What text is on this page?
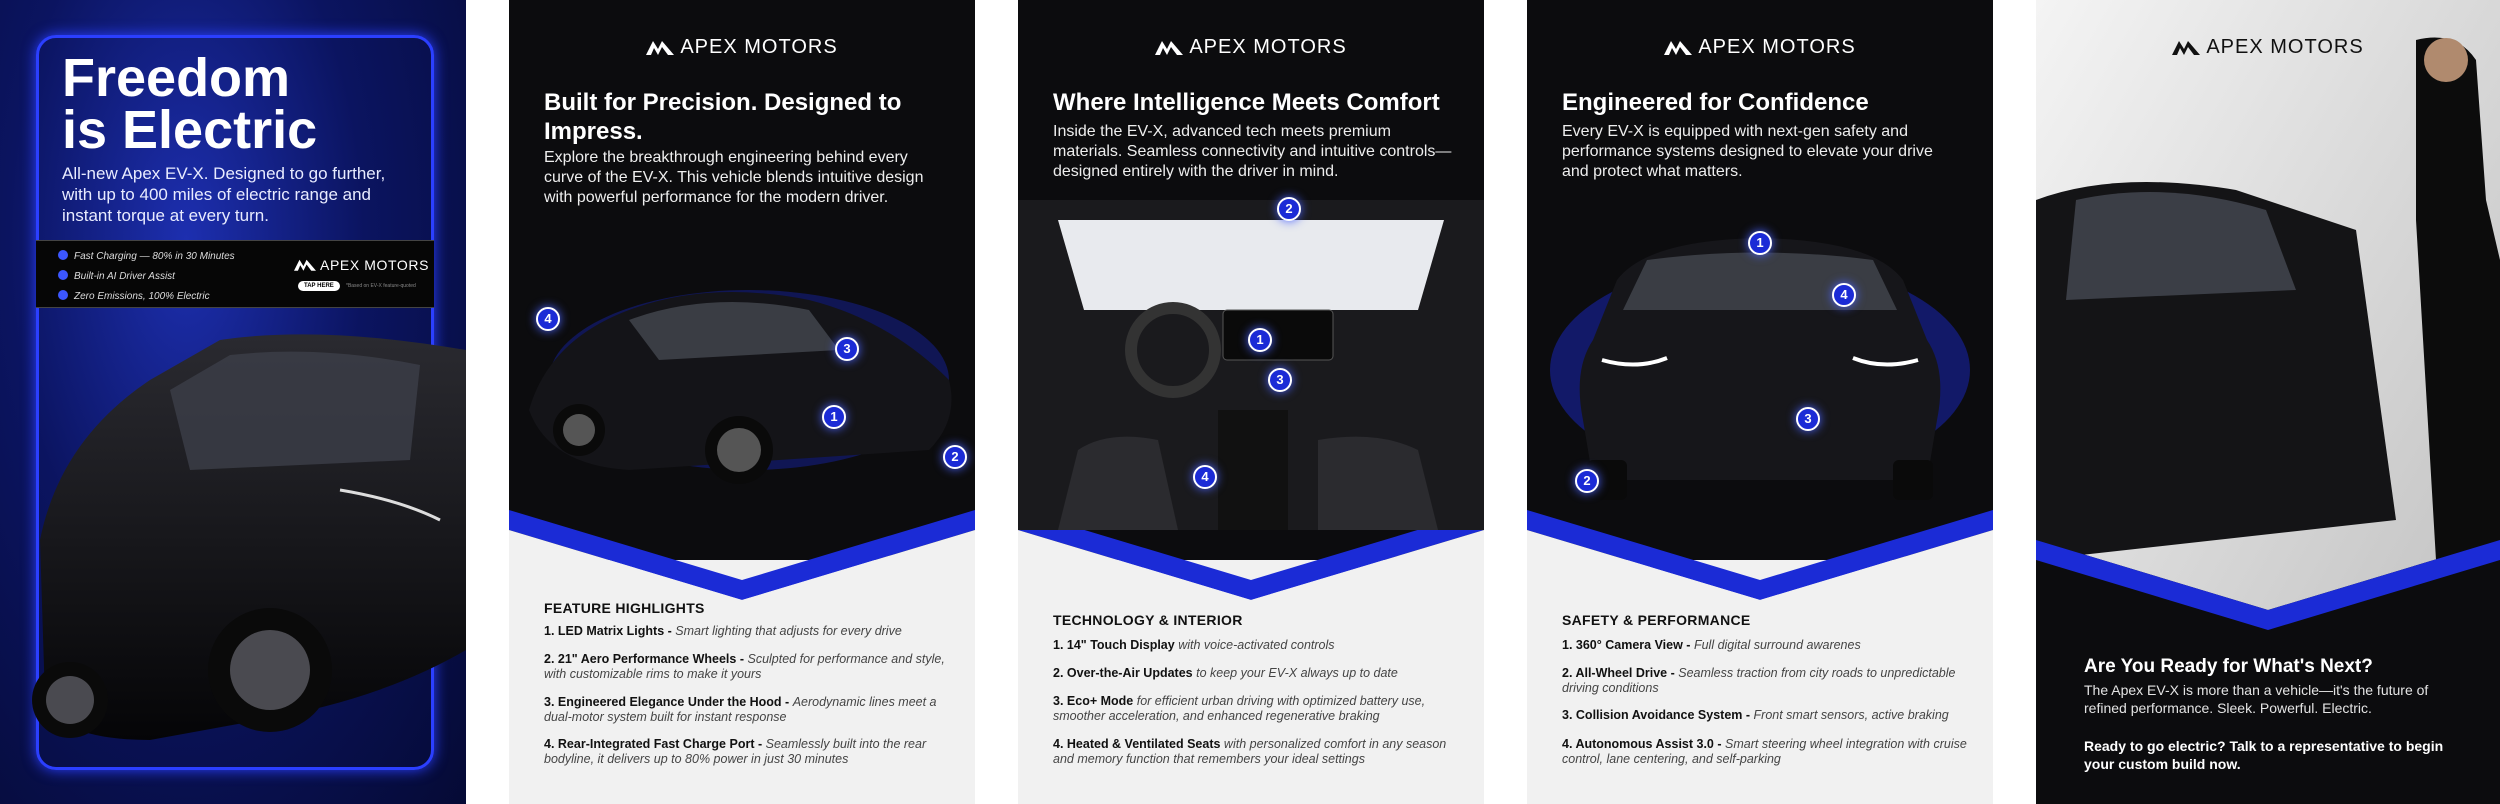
Freedom
is Electric
All-new Apex EV-X. Designed to go further, with up to 400 miles of electric range and instant torque at every turn.
Fast Charging — 80% in 30 Minutes
Built-in AI Driver Assist
Zero Emissions, 100% Electric
APEX MOTORS
TAP HERE	*Based on EV-X feature-quoted
APEX MOTORS
Built for Precision. Designed to Impress.
Explore the breakthrough engineering behind every curve of the EV-X. This vehicle blends intuitive design with powerful performance for the modern driver.
1
2
3
4
FEATURE HIGHLIGHTS
1. LED Matrix Lights - Smart lighting that adjusts for every drive
2. 21" Aero Performance Wheels - Sculpted for performance and style, with customizable rims to make it yours
3. Engineered Elegance Under the Hood - Aerodynamic lines meet a dual-motor system built for instant response
4. Rear-Integrated Fast Charge Port - Seamlessly built into the rear bodyline, it delivers up to 80% power in just 30 minutes
APEX MOTORS
Where Intelligence Meets Comfort
Inside the EV-X, advanced tech meets premium materials. Seamless connectivity and intuitive controls—designed entirely with the driver in mind.
1
2
3
4
TECHNOLOGY & INTERIOR
1. 14" Touch Display with voice-activated controls
2. Over-the-Air Updates to keep your EV-X always up to date
3. Eco+ Mode for efficient urban driving with optimized battery use, smoother acceleration, and enhanced regenerative braking
4. Heated & Ventilated Seats with personalized comfort in any season and memory function that remembers your ideal settings
APEX MOTORS
Engineered for Confidence
Every EV-X is equipped with next-gen safety and performance systems designed to elevate your drive and protect what matters.
1
2
3
4
SAFETY & PERFORMANCE
1. 360° Camera View - Full digital surround awarenes
2. All-Wheel Drive - Seamless traction from city roads to unpredictable driving conditions
3. Collision Avoidance System - Front smart sensors, active braking
4. Autonomous Assist 3.0 - Smart steering wheel integration with cruise control, lane centering, and self-parking
APEX MOTORS
Are You Ready for What's Next?
The Apex EV-X is more than a vehicle—it's the future of refined performance. Sleek. Powerful. Electric.
Ready to go electric? Talk to a representative to begin your custom build now.
